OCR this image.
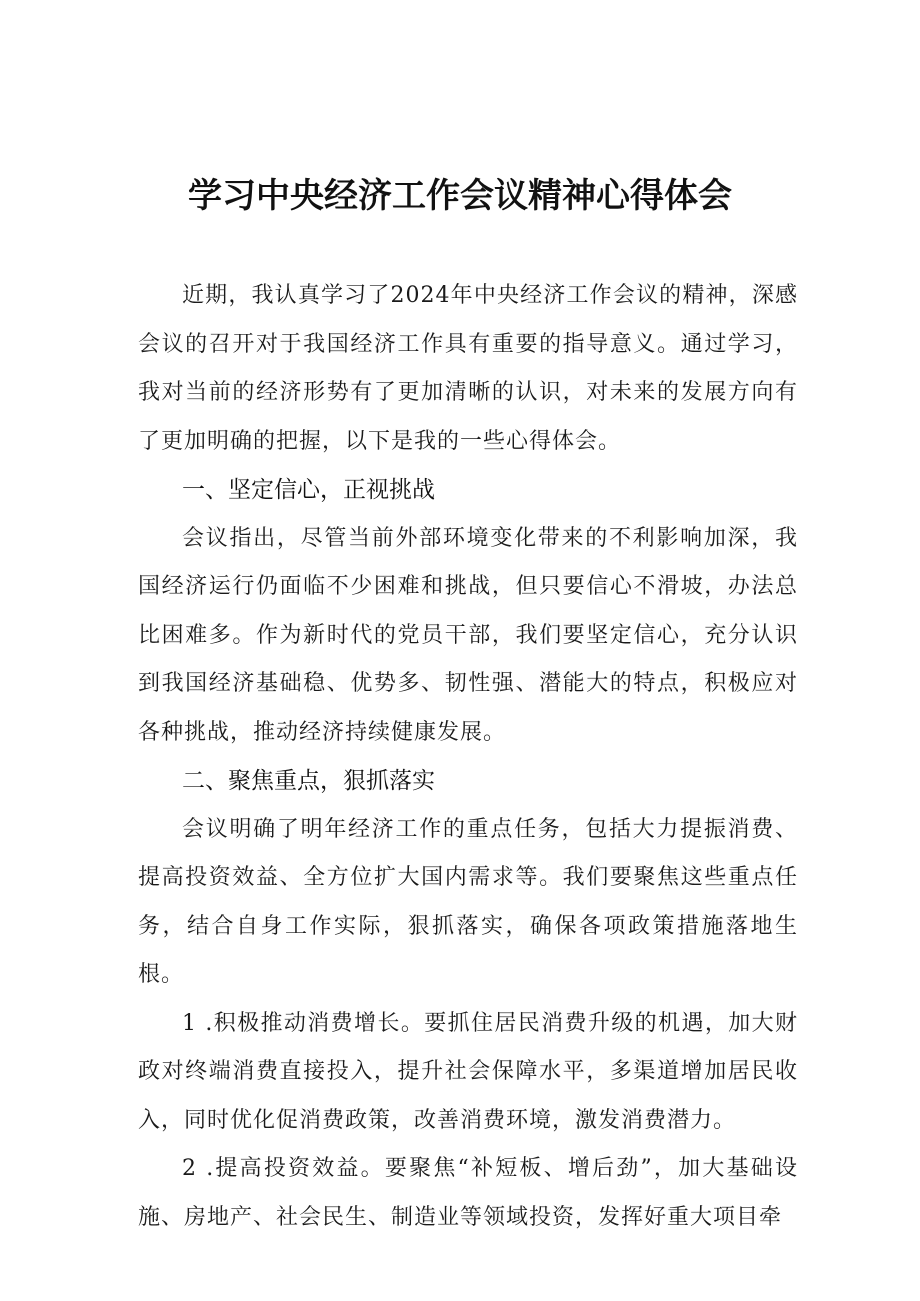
学习中央经济工作会议精神心得体会

近期，我认真学习了2024年中央经济工作会议的精神，深感会议的召开对于我国经济工作具有重要的指导意义。通过学习，我对当前的经济形势有了更加清晰的认识，对未来的发展方向有了更加明确的把握，以下是我的一些心得体会。

一、坚定信心，正视挑战

会议指出，尽管当前外部环境变化带来的不利影响加深，我国经济运行仍面临不少困难和挑战，但只要信心不滑坡，办法总比困难多。作为新时代的党员干部，我们要坚定信心，充分认识到我国经济基础稳、优势多、韧性强、潜能大的特点，积极应对各种挑战，推动经济持续健康发展。

二、聚焦重点，狠抓落实

会议明确了明年经济工作的重点任务，包括大力提振消费、提高投资效益、全方位扩大国内需求等。我们要聚焦这些重点任务，结合自身工作实际，狠抓落实，确保各项政策措施落地生根。

1 .积极推动消费增长。要抓住居民消费升级的机遇，加大财政对终端消费直接投入，提升社会保障水平，多渠道增加居民收入，同时优化促消费政策，改善消费环境，激发消费潜力。

2 .提高投资效益。要聚焦“补短板、增后劲”，加大基础设施、房地产、社会民生、制造业等领域投资，发挥好重大项目牵
